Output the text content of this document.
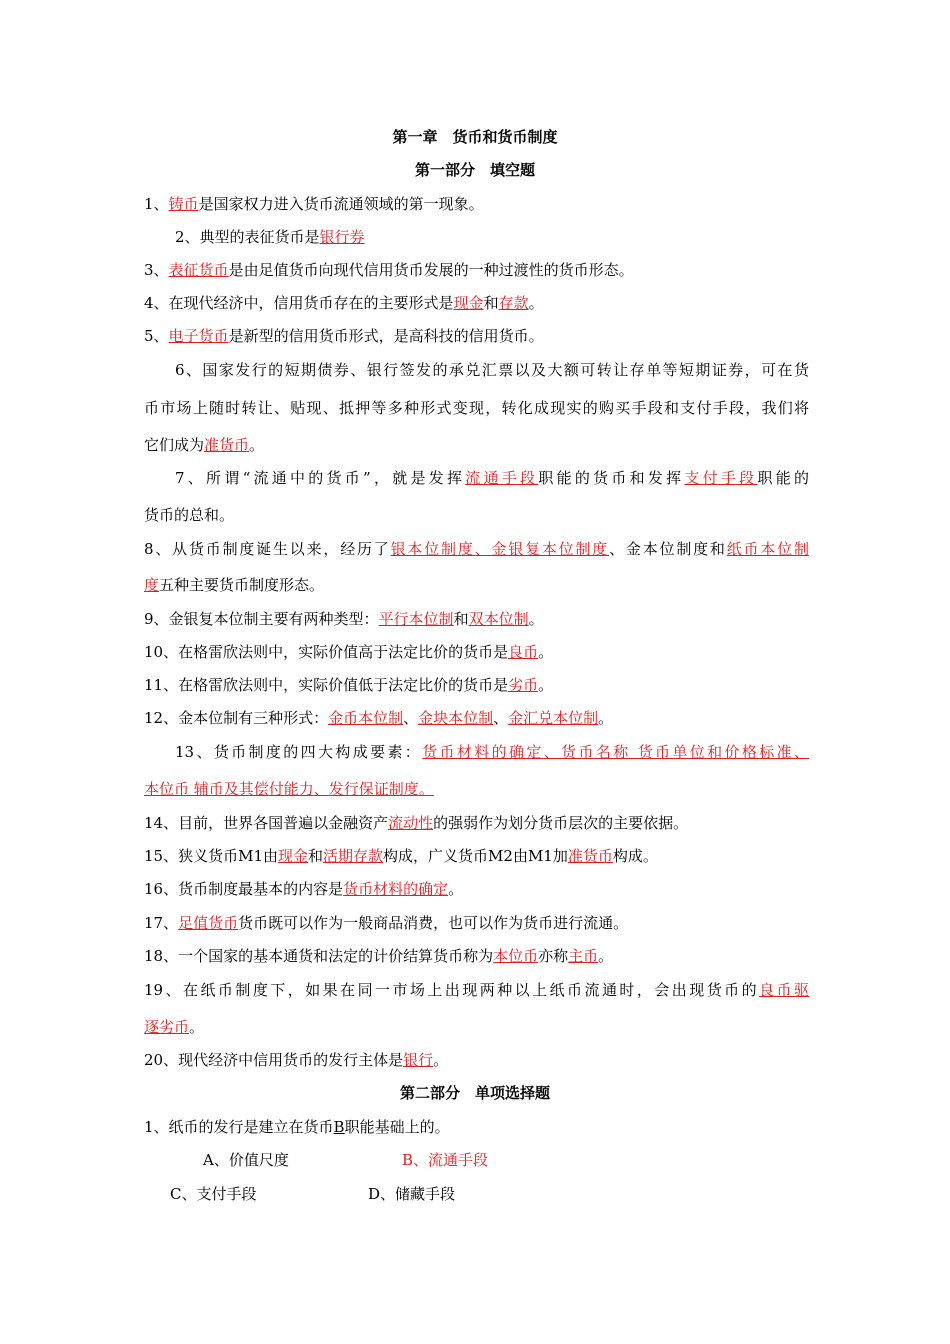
第一章　货币和货币制度
第一部分　填空题
1、铸币是国家权力进入货币流通领域的第一现象。
2、典型的表征货币是银行券
3、表征货币是由足值货币向现代信用货币发展的一种过渡性的货币形态。
4、在现代经济中，信用货币存在的主要形式是现金和存款。
5、电子货币是新型的信用货币形式，是高科技的信用货币。
6、国家发行的短期债券、银行签发的承兑汇票以及大额可转让存单等短期证券，可在货
币市场上随时转让、贴现、抵押等多种形式变现，转化成现实的购买手段和支付手段，我们将
它们成为准货币。
7、所谓“流通中的货币”，就是发挥流通手段职能的货币和发挥支付手段职能的
货币的总和。
8、从货币制度诞生以来，经历了银本位制度、金银复本位制度、金本位制度和纸币本位制
度五种主要货币制度形态。
9、金银复本位制主要有两种类型：平行本位制和双本位制。
10、在格雷欣法则中，实际价值高于法定比价的货币是良币。
11、在格雷欣法则中，实际价值低于法定比价的货币是劣币。
12、金本位制有三种形式：金币本位制、金块本位制、金汇兑本位制。
13、货币制度的四大构成要素：货币材料的确定、货币名称 货币单位和价格标准、
本位币 辅币及其偿付能力、发行保证制度。
14、目前，世界各国普遍以金融资产流动性的强弱作为划分货币层次的主要依据。
15、狭义货币M1由现金和活期存款构成，广义货币M2由M1加准货币构成。
16、货币制度最基本的内容是货币材料的确定。
17、足值货币货币既可以作为一般商品消费，也可以作为货币进行流通。
18、一个国家的基本通货和法定的计价结算货币称为本位币亦称主币。
19、在纸币制度下，如果在同一市场上出现两种以上纸币流通时，会出现货币的良币驱
逐劣币。
20、现代经济中信用货币的发行主体是银行。
第二部分　单项选择题
1、纸币的发行是建立在货币B职能基础上的。
A、价值尺度	B、流通手段
C、支付手段	D、储藏手段
